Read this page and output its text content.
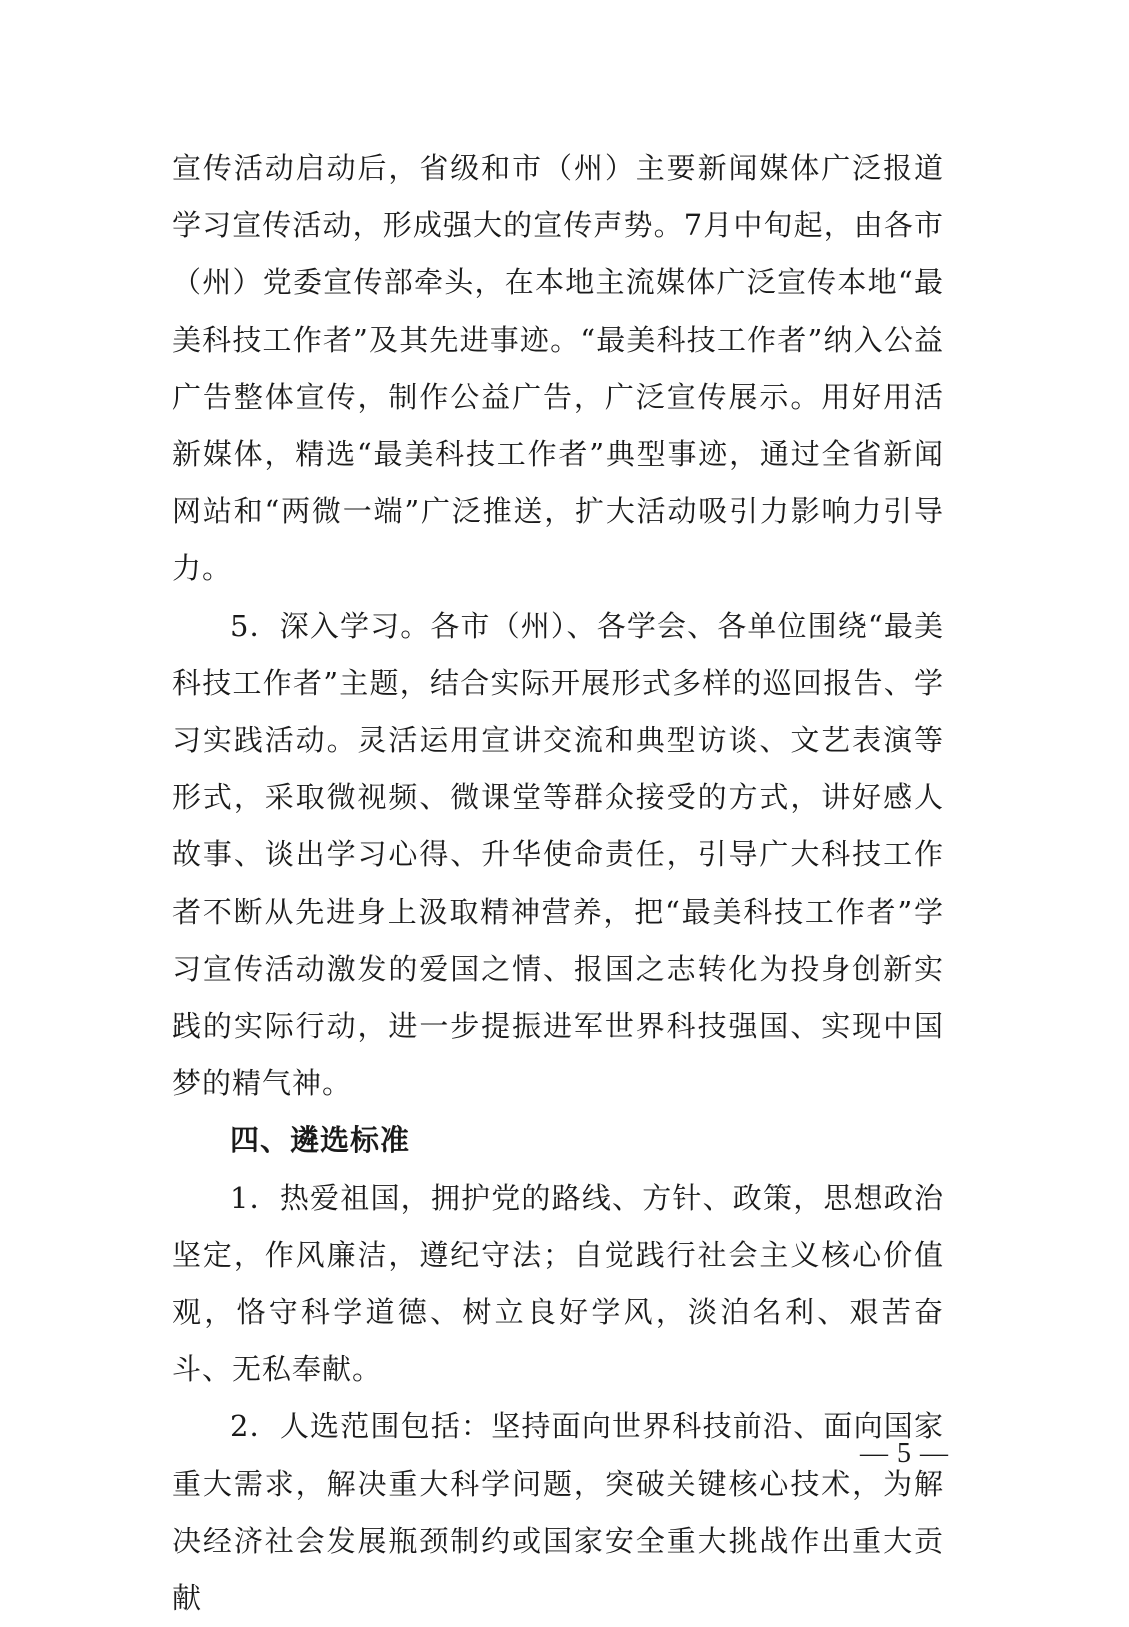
宣传活动启动后，省级和市（州）主要新闻媒体广泛报道学习宣传活动，形成强大的宣传声势。7月中旬起，由各市（州）党委宣传部牵头，在本地主流媒体广泛宣传本地“最美科技工作者”及其先进事迹。“最美科技工作者”纳入公益广告整体宣传，制作公益广告，广泛宣传展示。用好用活新媒体，精选“最美科技工作者”典型事迹，通过全省新闻网站和“两微一端”广泛推送，扩大活动吸引力影响力引导力。

5．深入学习。各市（州）、各学会、各单位围绕“最美科技工作者”主题，结合实际开展形式多样的巡回报告、学习实践活动。灵活运用宣讲交流和典型访谈、文艺表演等形式，采取微视频、微课堂等群众接受的方式，讲好感人故事、谈出学习心得、升华使命责任，引导广大科技工作者不断从先进身上汲取精神营养，把“最美科技工作者”学习宣传活动激发的爱国之情、报国之志转化为投身创新实践的实际行动，进一步提振进军世界科技强国、实现中国梦的精气神。

四、遴选标准

1．热爱祖国，拥护党的路线、方针、政策，思想政治坚定，作风廉洁，遵纪守法；自觉践行社会主义核心价值观，恪守科学道德、树立良好学风，淡泊名利、艰苦奋斗、无私奉献。

2．人选范围包括：坚持面向世界科技前沿、面向国家重大需求，解决重大科学问题，突破关键核心技术，为解决经济社会发展瓶颈制约或国家安全重大挑战作出重大贡献

— 5 —
